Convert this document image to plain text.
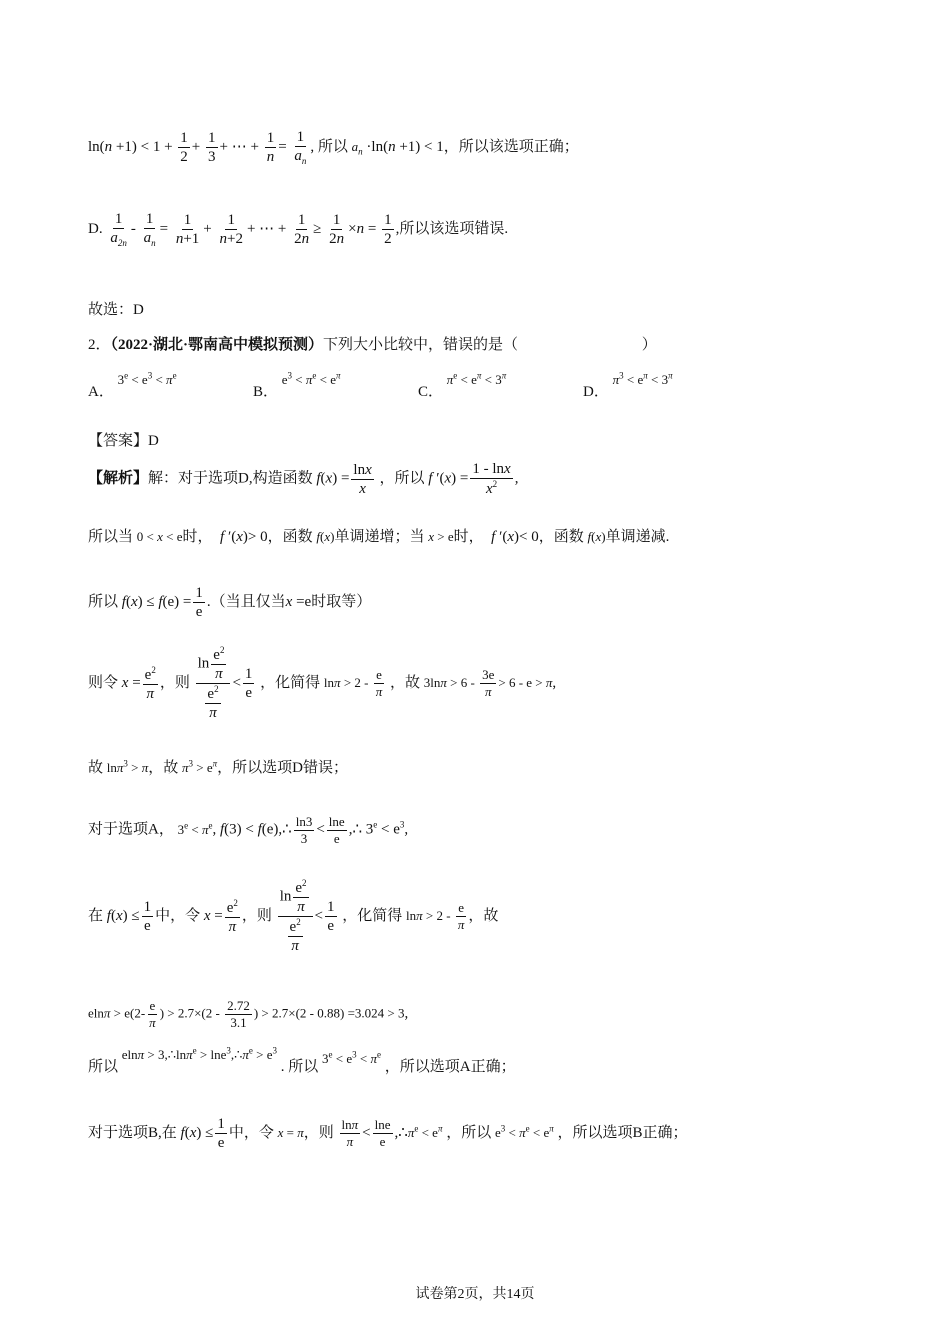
$\ln(n +1) < 1 + \frac{1}{2} + \frac{1}{3}$ + ⋯ + $\frac{1}{n} = \frac{1}{a_n}$ , 所以 $a_n \cdot\ln(n +1) < 1$，所以该选项正确；
D. $\frac{1}{a_{2n}} - \frac{1}{a_n} = \frac{1}{n+1} + \frac{1}{n+2}$ + ⋯ + $\frac{1}{2n} \ge \frac{1}{2n} \times n = \frac{1}{2}$ ,所以该选项错误.
故选：D
2．（2022·湖北·鄂南高中模拟预测）下列大小比较中，错误的是（	）
A． $3^e < e^3 < \pi^e$
B． $e^3 < \pi^e < e^\pi$
C． $\pi^e < e^\pi < 3^\pi$
D． $\pi^3 < e^\pi < 3^\pi$
【答案】D
【解析】解：对于选项D,构造函数 $f(x) = \frac{\ln x}{x}$ ，所以 f $'(x) = \frac{1 - \ln x}{x^2}$ ,
所以当 0 < x < e时， f ′(x)> 0，函数 f(x)单调递增；当 x > e时， f ′(x)< 0，函数 f(x)单调递减.
所以 $f(x) \le f(e) = \frac{1}{e}$ .（当且仅当x =e时取等）
则令 $x = \frac{e^2}{\pi}$ ，则 $\frac{\ln \frac{e^2}{\pi}}{\frac{e^2}{\pi}} < \frac{1}{e}$ ，化简得 $\ln\pi > 2 - \frac{e}{\pi}$ ，故 $3\ln\pi > 6 - \frac{3e}{\pi} > 6 - e > \pi$,
故 lnπ$^3$ > π，故 $\pi^3 > e^\pi$，所以选项D错误；
对于选项A， $3^e < \pi^e$, f(3) < f(e),∴ $\frac{\ln 3}{3} < \frac{\ln e}{e}$ ,∴ $3^e < e^3$,
在 $f(x) \le \frac{1}{e}$ 中，令 $x = \frac{e^2}{\pi}$ ，则 $\frac{\ln \frac{e^2}{\pi}}{\frac{e^2}{\pi}} < \frac{1}{e}$ ，化简得 $\ln\pi > 2 - \frac{e}{\pi}$ ，故
$eln\pi > e(2- \frac{e}{\pi}$ ) > $2.7\times(2 - \frac{2.72}{3.1}$ ) > 2.7×(2 - 0.88) =3.024 > 3,
所以 elnπ > 3,∴lnπ$^e$ > $\ln e^3,\therefore\pi^e > e^3$ . 所以 $3^e < e^3 < \pi^e$ ，所以选项A正确；
对于选项B,在 $f(x) \le \frac{1}{e}$ 中，令 x = π，则 $\frac{\ln\pi}{\pi} < \frac{\ln e}{e}$ $,\therefore\pi^e < e^\pi$ ，所以 $e^3 < \pi^e < e^\pi$ ，所以选项B正确；
试卷第2页，共14页
